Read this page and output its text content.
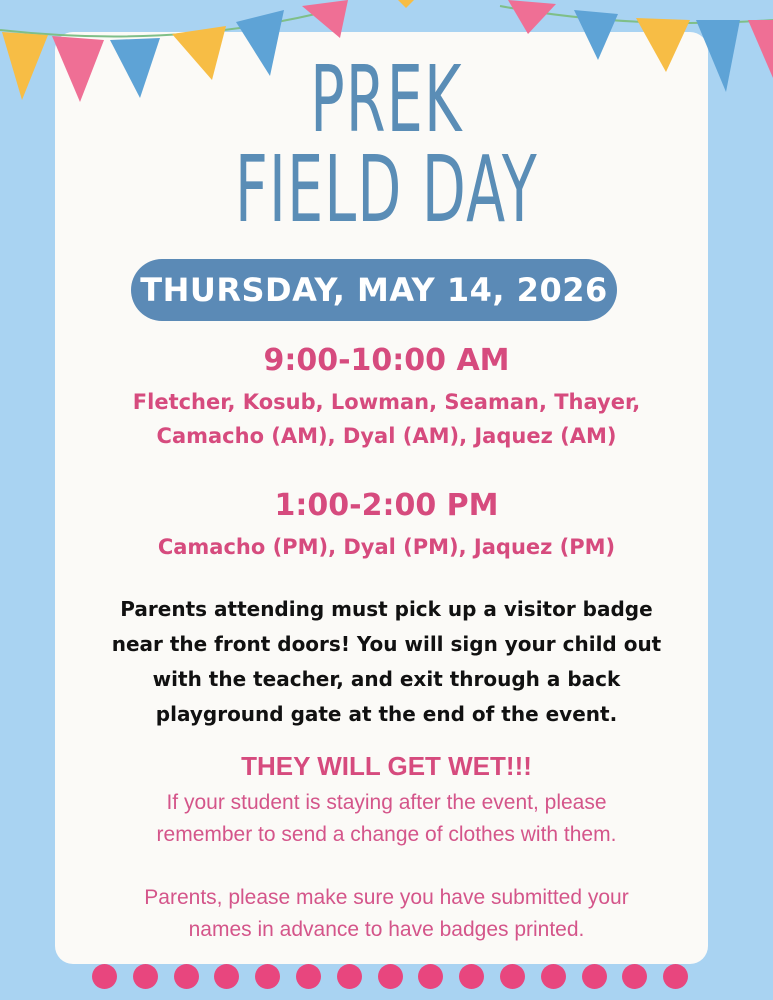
PREK
FIELD DAY
THURSDAY, MAY 14, 2026
9:00-10:00 AM
Fletcher, Kosub, Lowman, Seaman, Thayer,
Camacho (AM), Dyal (AM), Jaquez (AM)
1:00-2:00 PM
Camacho (PM), Dyal (PM), Jaquez (PM)
Parents attending must pick up a visitor badge
near the front doors! You will sign your child out
with the teacher, and exit through a back
playground gate at the end of the event.
THEY WILL GET WET!!!
If your student is staying after the event, please
remember to send a change of clothes with them.
Parents, please make sure you have submitted your
names in advance to have badges printed.
